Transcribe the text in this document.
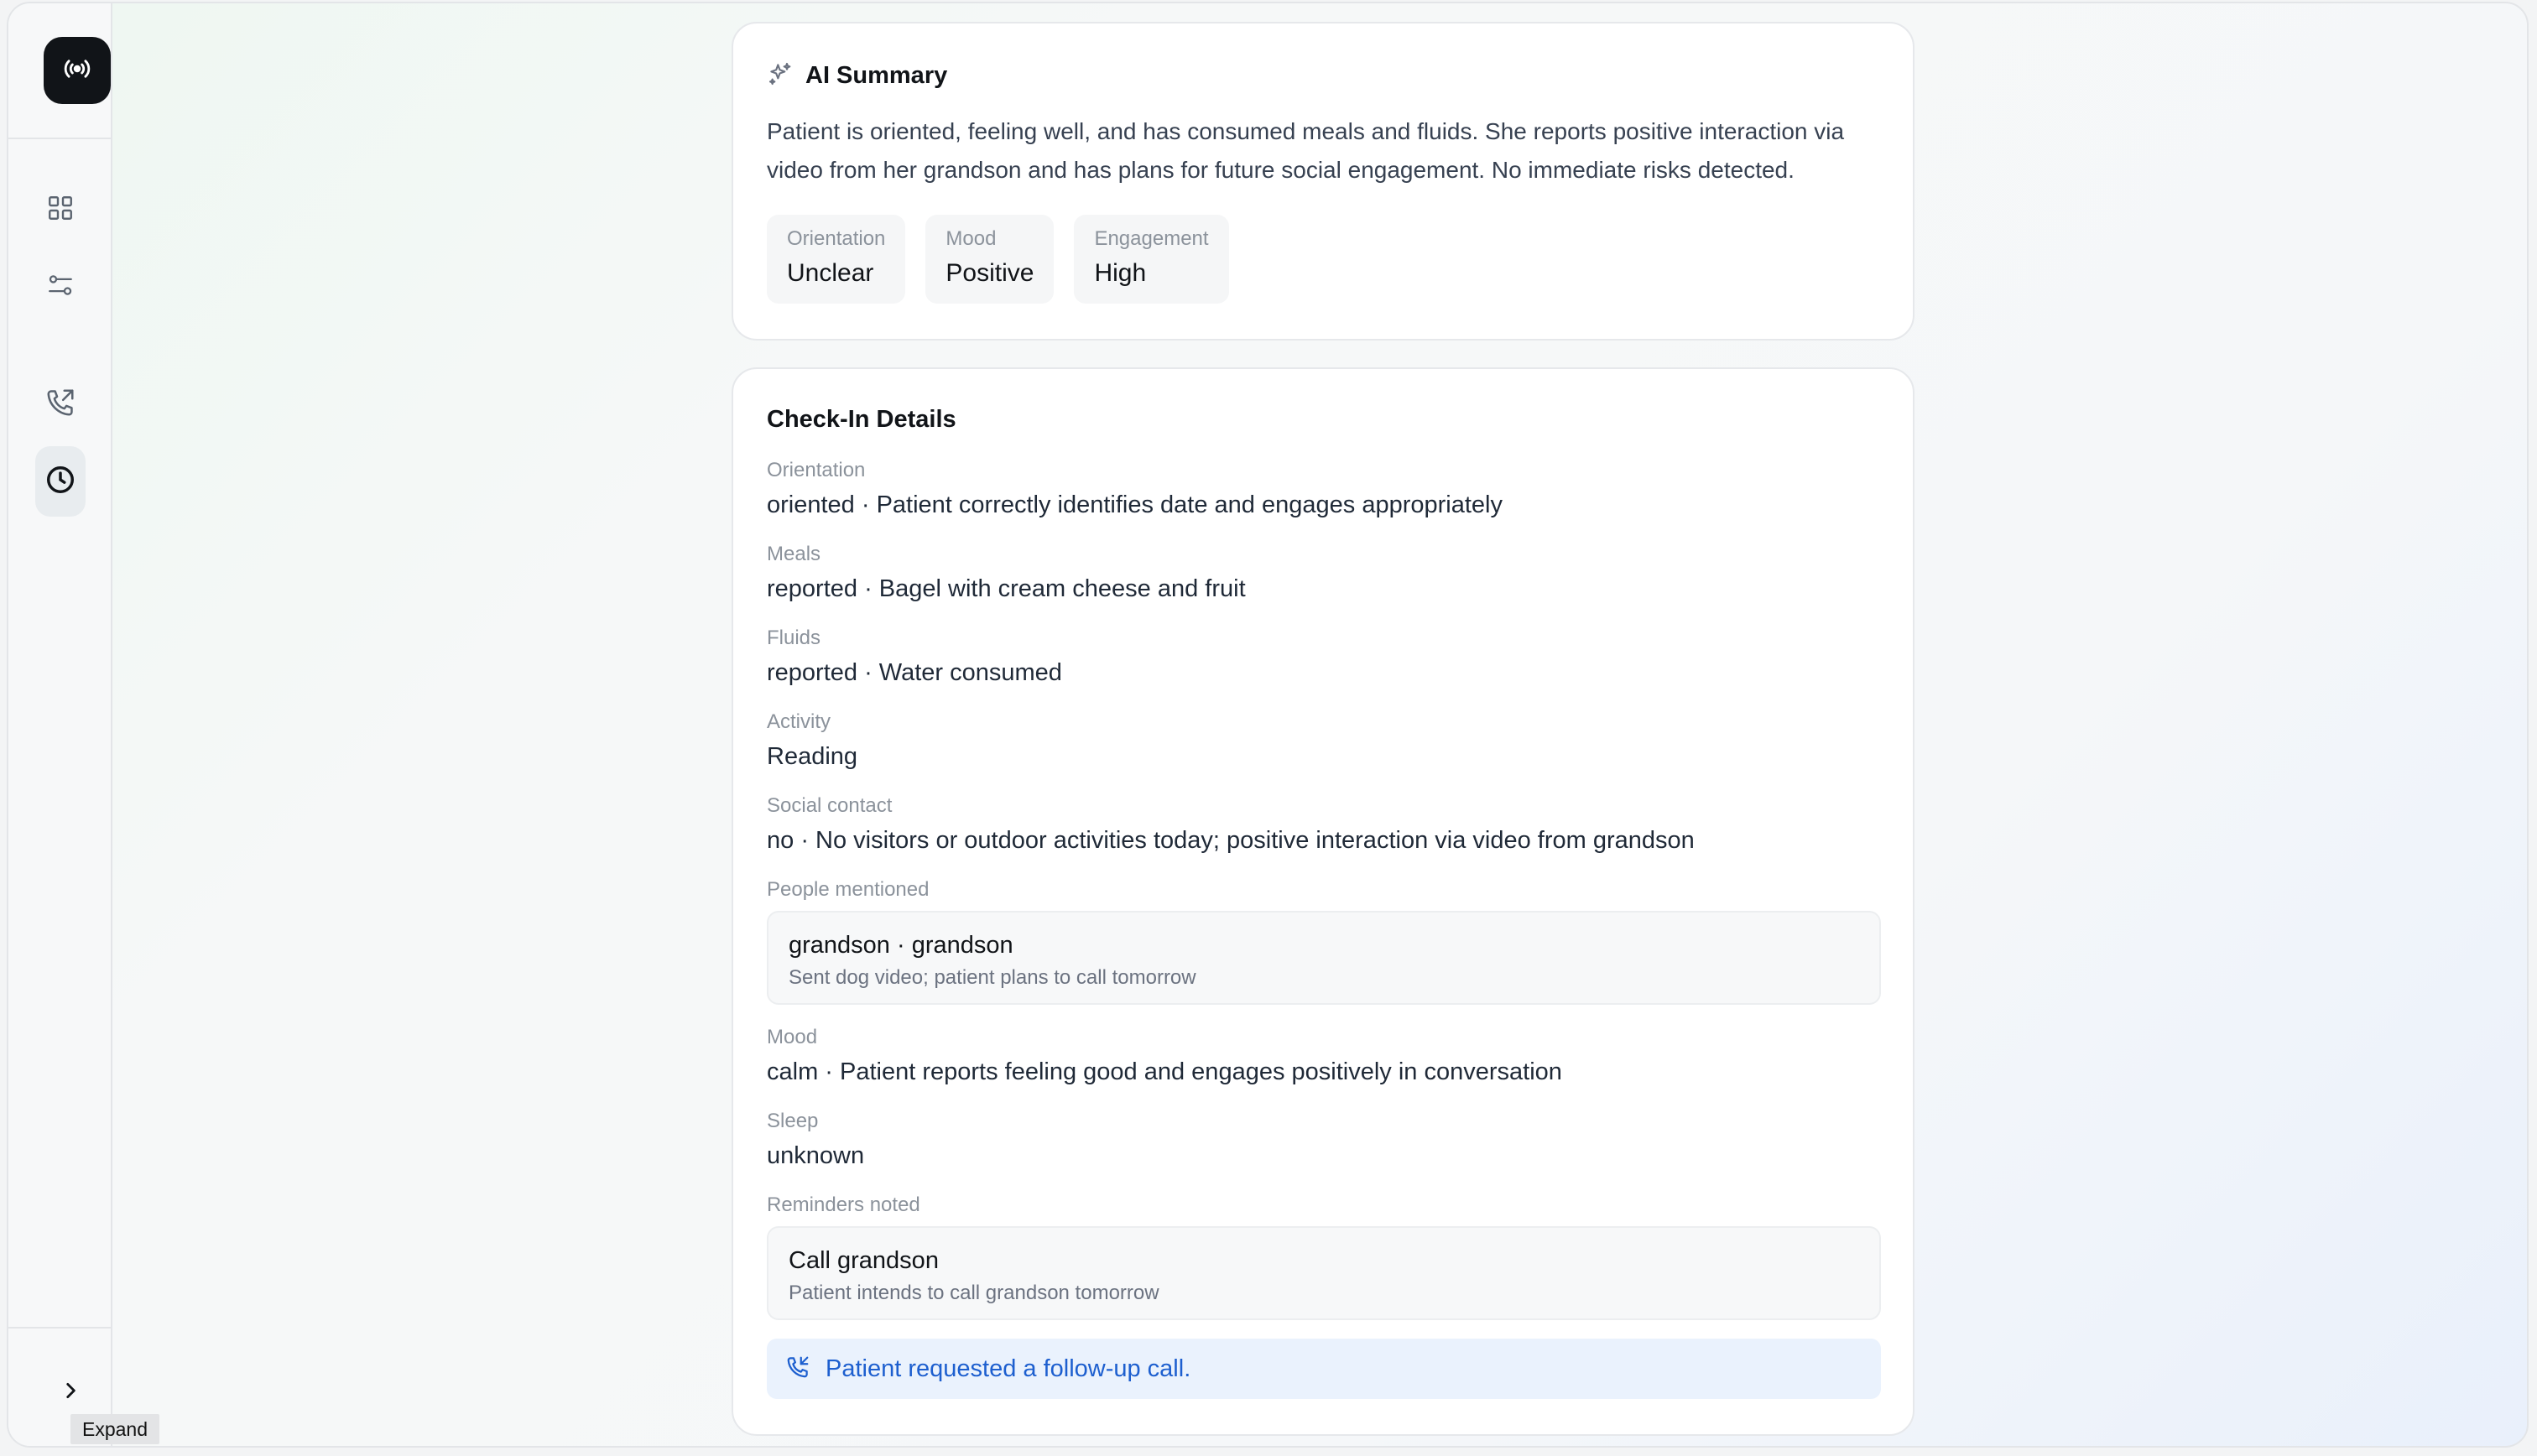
AI Summary

Patient is oriented, feeling well, and has consumed meals and fluids. She reports positive interaction via video from her grandson and has plans for future social engagement. No immediate risks detected.

Orientation
Unclear
Mood
Positive
Engagement
High
Check-In Details
Orientation
oriented · Patient correctly identifies date and engages appropriately
Meals
reported · Bagel with cream cheese and fruit
Fluids
reported · Water consumed
Activity
Reading
Social contact
no · No visitors or outdoor activities today; positive interaction via video from grandson
People mentioned
grandson · grandson
Sent dog video; patient plans to call tomorrow
Mood
calm · Patient reports feeling good and engages positively in conversation
Sleep
unknown
Reminders noted
Call grandson
Patient intends to call grandson tomorrow
Patient requested a follow-up call.
Expand
